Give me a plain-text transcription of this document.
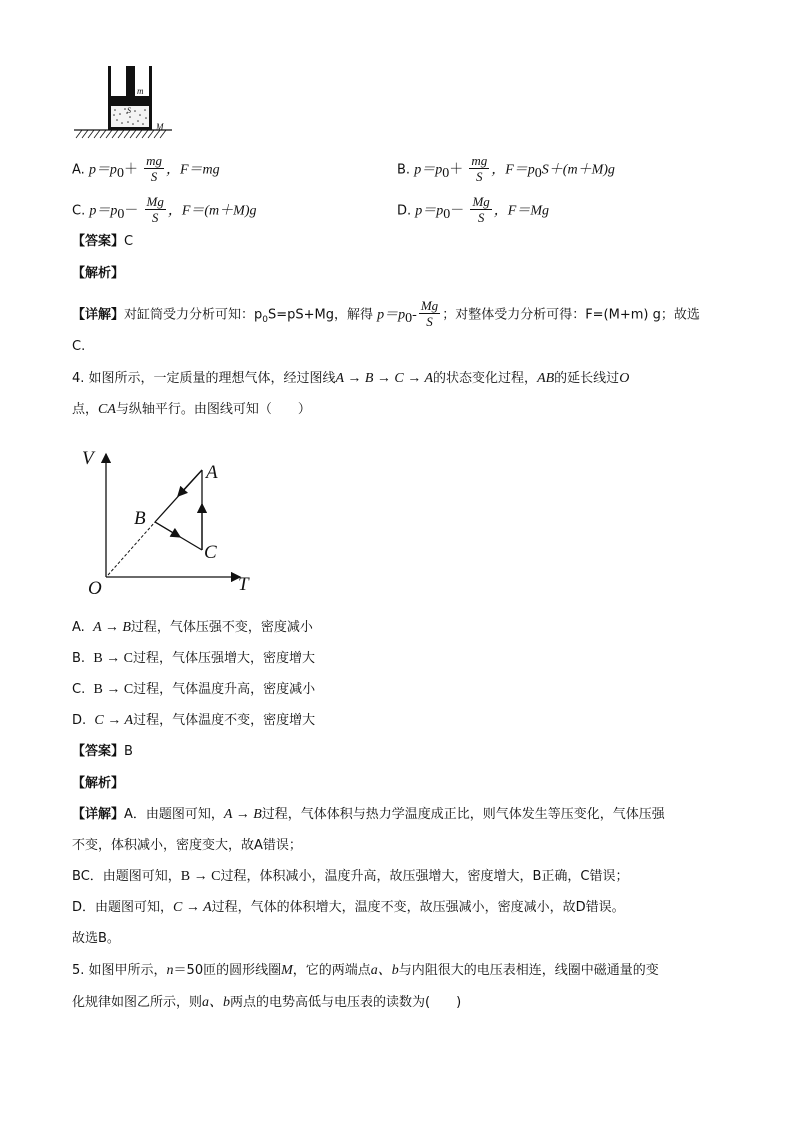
m
S
M
A. $p=p_0+ \frac{mg}{S}$ ，F＝mg	B. $p=p_0+ \frac{mg}{S}$ ，$F=p_0S+(m+M)g$
C. $p=p_0- \frac{Mg}{S}$ ，F＝(m＋M)g	D. $p=p_0- \frac{Mg}{S}$ ，F＝Mg
【答案】C
【解析】
【详解】对缸筒受力分析可知：$p_0S=pS+Mg$，解得 $p=p_0- \frac{Mg}{S}$ ；对整体受力分析可得：F=(M+m) g；故选
C.
4. 如图所示，一定质量的理想气体，经过图线A → B → C → A的状态变化过程，AB的延长线过O
点，CA与纵轴平行。由图线可知（　　）
V
T
O
A
B
C
A. A → B过程，气体压强不变，密度减小
B. B → C过程，气体压强增大，密度增大
C. B → C过程，气体温度升高，密度减小
D. C → A过程，气体温度不变，密度增大
【答案】B
【解析】
【详解】A．由题图可知，A → B过程，气体体积与热力学温度成正比，则气体发生等压变化，气体压强
不变，体积减小，密度变大，故A错误；
BC．由题图可知，B → C过程，体积减小，温度升高，故压强增大，密度增大，B正确，C错误；
D．由题图可知，C → A过程，气体的体积增大，温度不变，故压强减小，密度减小，故D错误。
故选B。
5. 如图甲所示，n＝50匝的圆形线圈M，它的两端点a、b与内阻很大的电压表相连，线圈中磁通量的变
化规律如图乙所示，则a、b两点的电势高低与电压表的读数为(　　)
